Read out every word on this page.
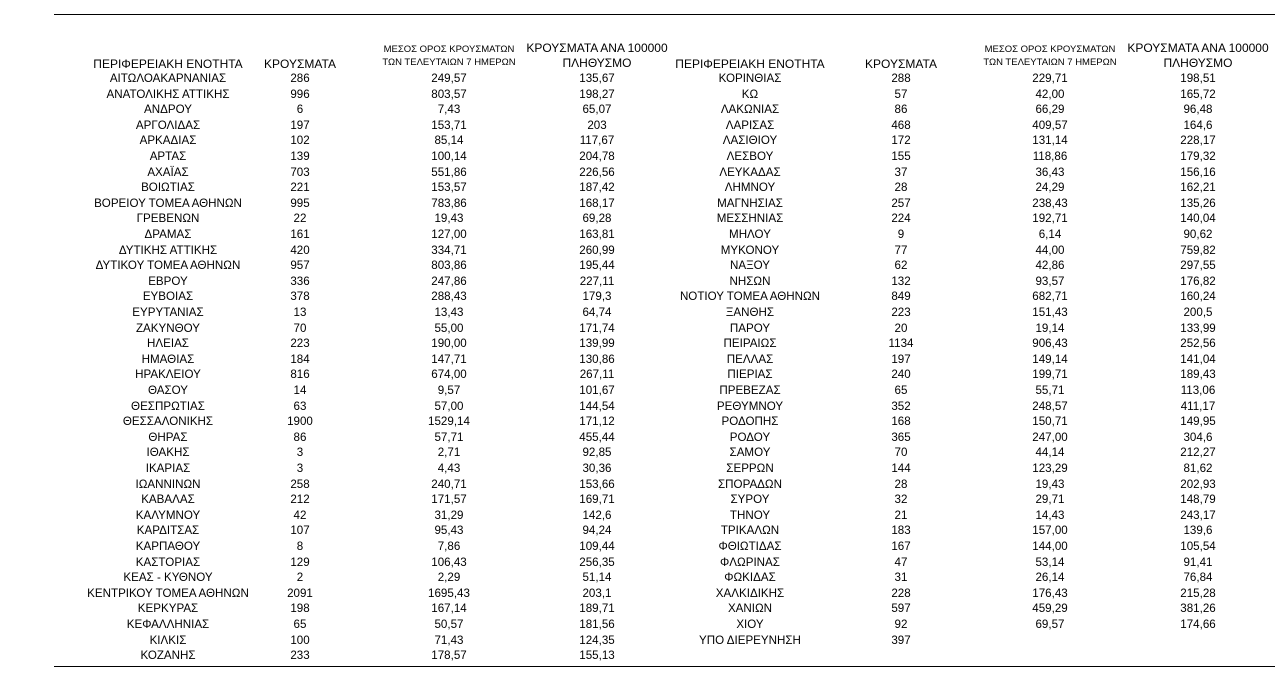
ΠΕΡΙΦΕΡΕΙΑΚΗ ΕΝΟΤΗΤΑ	ΚΡΟΥΣΜΑΤΑ
ΜΕΣΟΣ ΟΡΟΣ ΚΡΟΥΣΜΑΤΩΝ
ΤΩΝ ΤΕΛΕΥΤΑΙΩΝ 7 ΗΜΕΡΩΝ
ΚΡΟΥΣΜΑΤΑ ΑΝΑ 100000
ΠΛΗΘΥΣΜΟ	ΠΕΡΙΦΕΡΕΙΑΚΗ ΕΝΟΤΗΤΑ	ΚΡΟΥΣΜΑΤΑ
ΜΕΣΟΣ ΟΡΟΣ ΚΡΟΥΣΜΑΤΩΝ
ΤΩΝ ΤΕΛΕΥΤΑΙΩΝ 7 ΗΜΕΡΩΝ
ΚΡΟΥΣΜΑΤΑ ΑΝΑ 100000
ΠΛΗΘΥΣΜΟ
ΑΙΤΩΛΟΑΚΑΡΝΑΝΙΑΣ	286	249,57	135,67
ΑΝΑΤΟΛΙΚΗΣ ΑΤΤΙΚΗΣ	996	803,57	198,27
ΑΝΔΡΟΥ	6	7,43	65,07
ΑΡΓΟΛΙΔΑΣ	197	153,71	203
ΑΡΚΑΔΙΑΣ	102	85,14	117,67
ΑΡΤΑΣ	139	100,14	204,78
ΑΧΑΪΑΣ	703	551,86	226,56
ΒΟΙΩΤΙΑΣ	221	153,57	187,42
ΒΟΡΕΙΟΥ ΤΟΜΕΑ ΑΘΗΝΩΝ	995	783,86	168,17
ΓΡΕΒΕΝΩΝ	22	19,43	69,28
ΔΡΑΜΑΣ	161	127,00	163,81
ΔΥΤΙΚΗΣ ΑΤΤΙΚΗΣ	420	334,71	260,99
ΔΥΤΙΚΟΥ ΤΟΜΕΑ ΑΘΗΝΩΝ	957	803,86	195,44
ΕΒΡΟΥ	336	247,86	227,11
ΕΥΒΟΙΑΣ	378	288,43	179,3
ΕΥΡΥΤΑΝΙΑΣ	13	13,43	64,74
ΖΑΚΥΝΘΟΥ	70	55,00	171,74
ΗΛΕΙΑΣ	223	190,00	139,99
ΗΜΑΘΙΑΣ	184	147,71	130,86
ΗΡΑΚΛΕΙΟΥ	816	674,00	267,11
ΘΑΣΟΥ	14	9,57	101,67
ΘΕΣΠΡΩΤΙΑΣ	63	57,00	144,54
ΘΕΣΣΑΛΟΝΙΚΗΣ	1900	1529,14	171,12
ΘΗΡΑΣ	86	57,71	455,44
ΙΘΑΚΗΣ	3	2,71	92,85
ΙΚΑΡΙΑΣ	3	4,43	30,36
ΙΩΑΝΝΙΝΩΝ	258	240,71	153,66
ΚΑΒΑΛΑΣ	212	171,57	169,71
ΚΑΛΥΜΝΟΥ	42	31,29	142,6
ΚΑΡΔΙΤΣΑΣ	107	95,43	94,24
ΚΑΡΠΑΘΟΥ	8	7,86	109,44
ΚΑΣΤΟΡΙΑΣ	129	106,43	256,35
ΚΕΑΣ - ΚΥΘΝΟΥ	2	2,29	51,14
ΚΕΝΤΡΙΚΟΥ ΤΟΜΕΑ ΑΘΗΝΩΝ	2091	1695,43	203,1
ΚΕΡΚΥΡΑΣ	198	167,14	189,71
ΚΕΦΑΛΛΗΝΙΑΣ	65	50,57	181,56
ΚΙΛΚΙΣ	100	71,43	124,35
ΚΟΖΑΝΗΣ	233	178,57	155,13
ΚΟΡΙΝΘΙΑΣ	288	229,71	198,51
ΚΩ	57	42,00	165,72
ΛΑΚΩΝΙΑΣ	86	66,29	96,48
ΛΑΡΙΣΑΣ	468	409,57	164,6
ΛΑΣΙΘΙΟΥ	172	131,14	228,17
ΛΕΣΒΟΥ	155	118,86	179,32
ΛΕΥΚΑΔΑΣ	37	36,43	156,16
ΛΗΜΝΟΥ	28	24,29	162,21
ΜΑΓΝΗΣΙΑΣ	257	238,43	135,26
ΜΕΣΣΗΝΙΑΣ	224	192,71	140,04
ΜΗΛΟΥ	9	6,14	90,62
ΜΥΚΟΝΟΥ	77	44,00	759,82
ΝΑΞΟΥ	62	42,86	297,55
ΝΗΣΩΝ	132	93,57	176,82
ΝΟΤΙΟΥ ΤΟΜΕΑ ΑΘΗΝΩΝ	849	682,71	160,24
ΞΑΝΘΗΣ	223	151,43	200,5
ΠΑΡΟΥ	20	19,14	133,99
ΠΕΙΡΑΙΩΣ	1134	906,43	252,56
ΠΕΛΛΑΣ	197	149,14	141,04
ΠΙΕΡΙΑΣ	240	199,71	189,43
ΠΡΕΒΕΖΑΣ	65	55,71	113,06
ΡΕΘΥΜΝΟΥ	352	248,57	411,17
ΡΟΔΟΠΗΣ	168	150,71	149,95
ΡΟΔΟΥ	365	247,00	304,6
ΣΑΜΟΥ	70	44,14	212,27
ΣΕΡΡΩΝ	144	123,29	81,62
ΣΠΟΡΑΔΩΝ	28	19,43	202,93
ΣΥΡΟΥ	32	29,71	148,79
ΤΗΝΟΥ	21	14,43	243,17
ΤΡΙΚΑΛΩΝ	183	157,00	139,6
ΦΘΙΩΤΙΔΑΣ	167	144,00	105,54
ΦΛΩΡΙΝΑΣ	47	53,14	91,41
ΦΩΚΙΔΑΣ	31	26,14	76,84
ΧΑΛΚΙΔΙΚΗΣ	228	176,43	215,28
ΧΑΝΙΩΝ	597	459,29	381,26
ΧΙΟΥ	92	69,57	174,66
ΥΠΟ ΔΙΕΡΕΥΝΗΣΗ	397
